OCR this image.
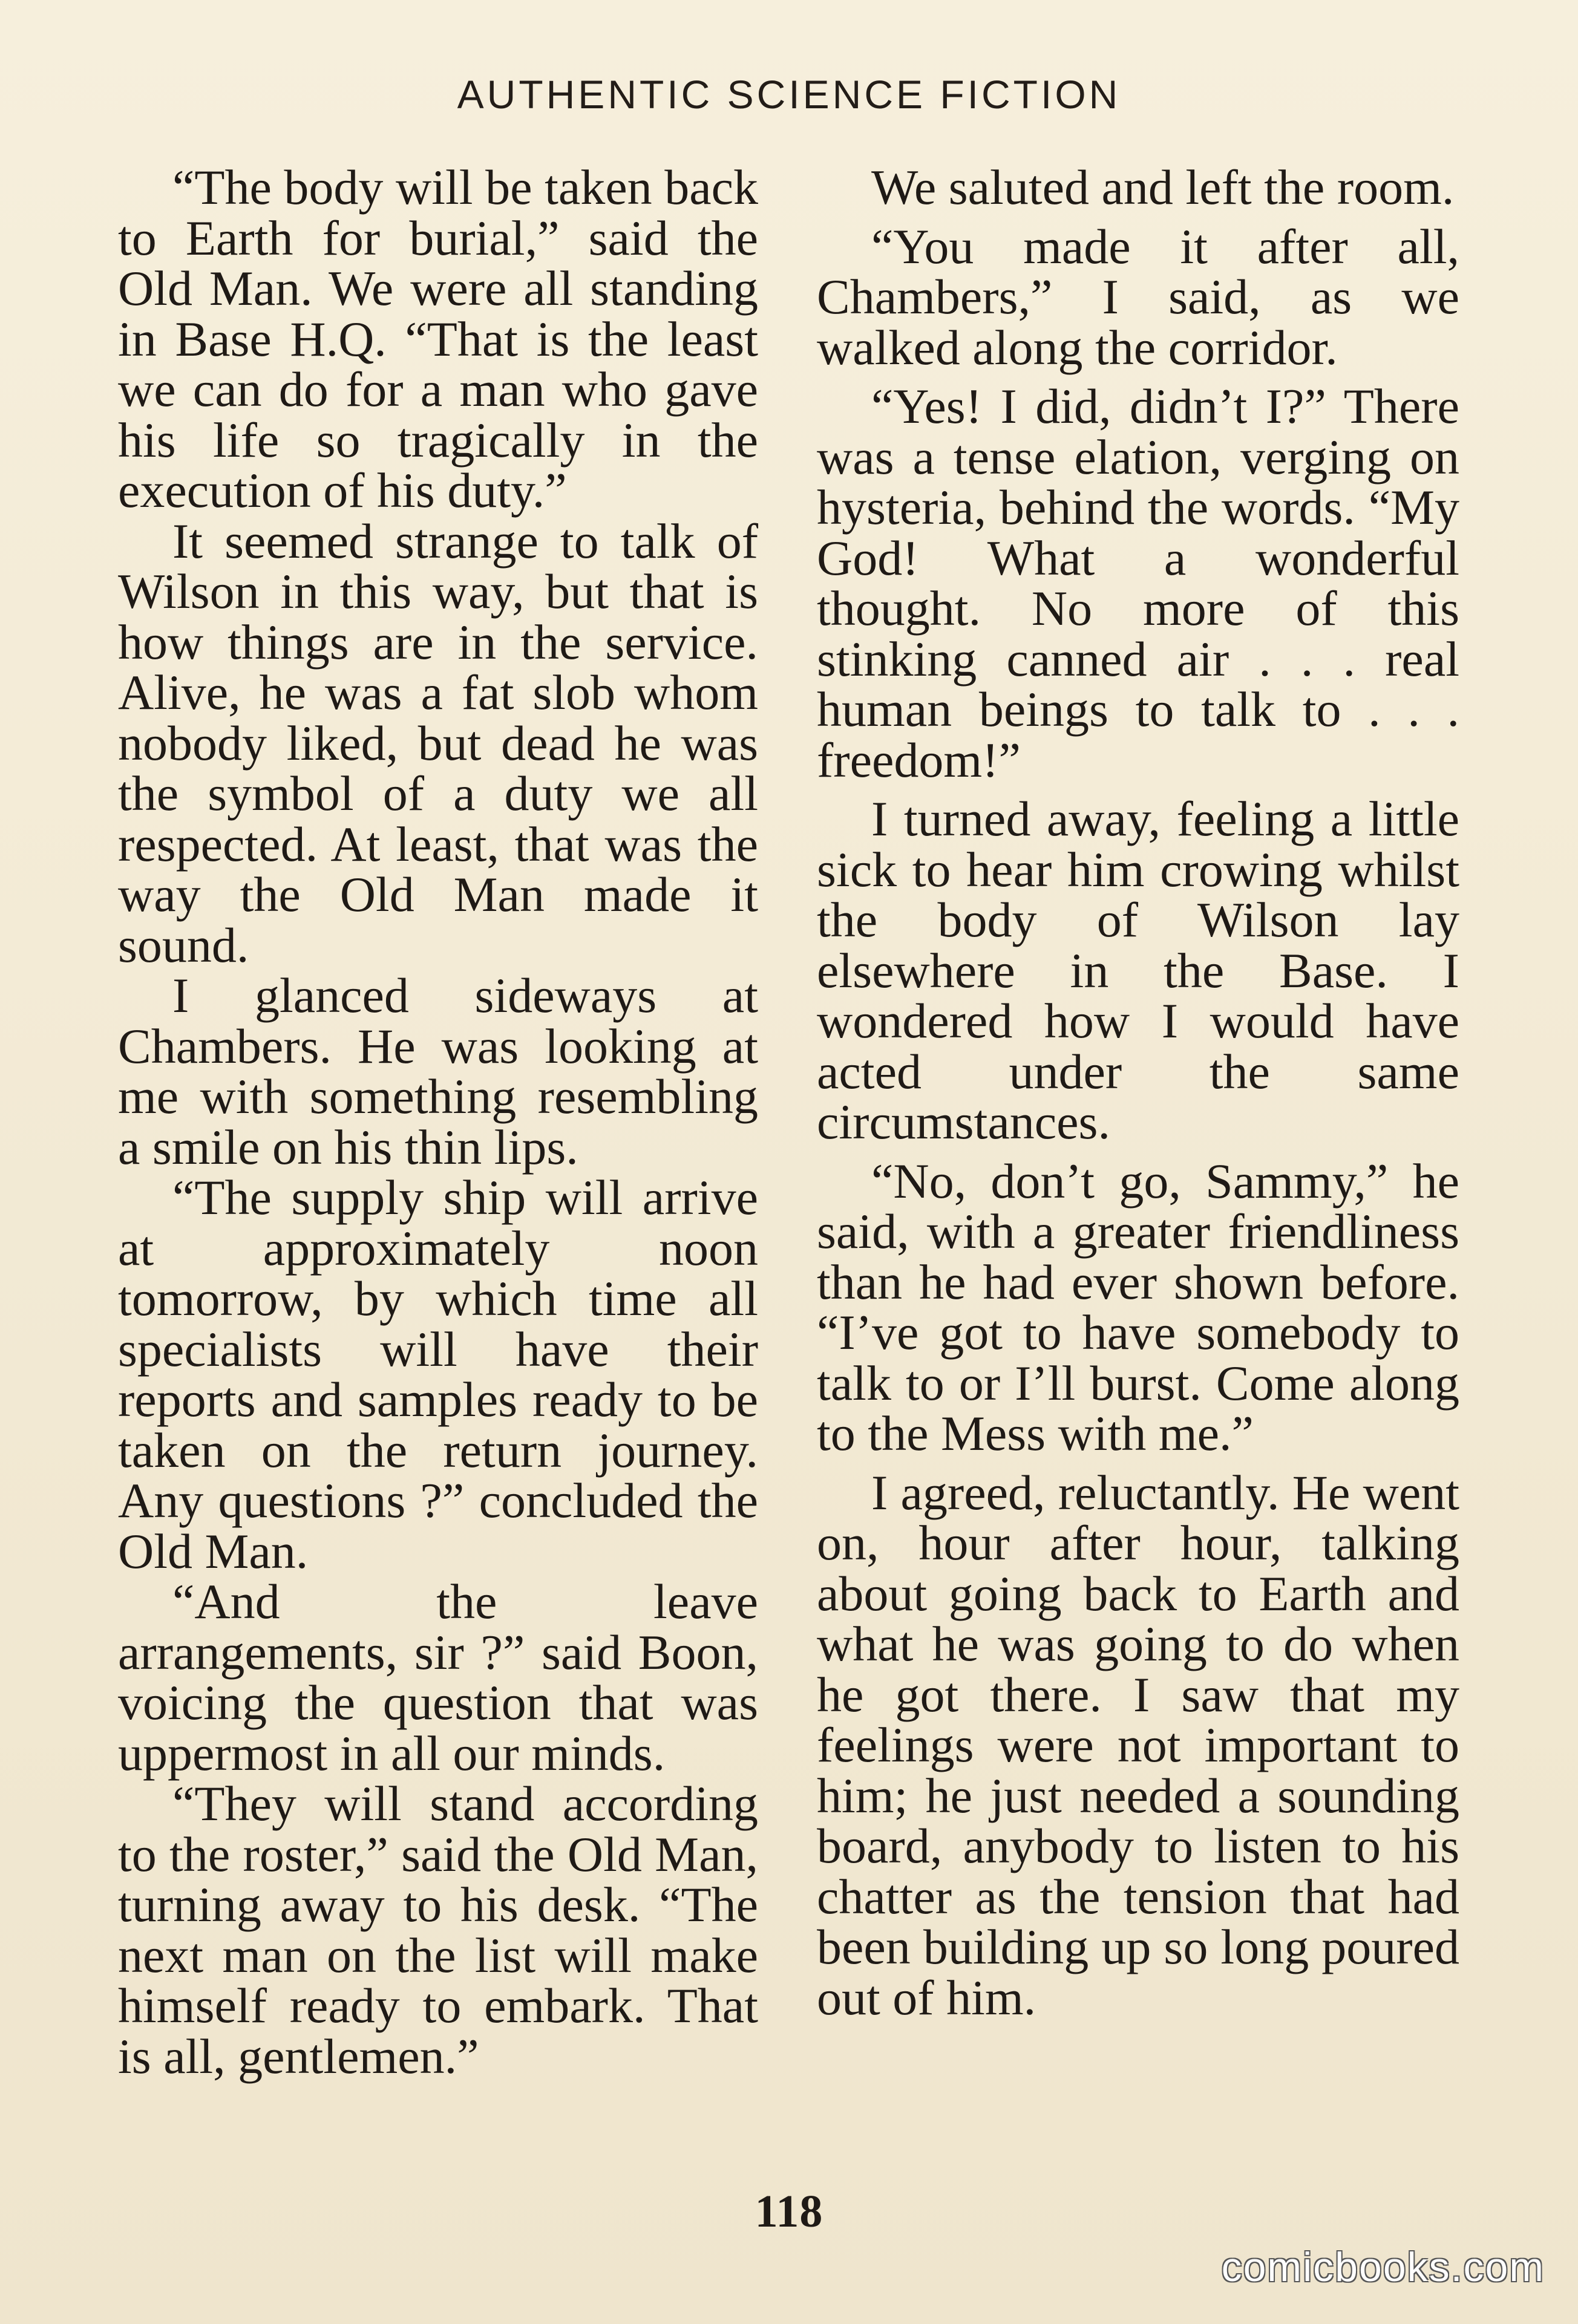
AUTHENTIC SCIENCE FICTION

“The body will be taken back to Earth for burial,” said the Old Man. We were all standing in Base H.Q. “That is the least we can do for a man who gave his life so tragically in the execution of his duty.”

It seemed strange to talk of Wilson in this way, but that is how things are in the service. Alive, he was a fat slob whom nobody liked, but dead he was the symbol of a duty we all respected. At least, that was the way the Old Man made it sound.

I glanced sideways at Chambers. He was looking at me with something resembling a smile on his thin lips.

“The supply ship will arrive at approximately noon tomorrow, by which time all specialists will have their reports and samples ready to be taken on the return journey. Any questions ?” concluded the Old Man.

“And the leave arrangements, sir ?” said Boon, voicing the question that was uppermost in all our minds.

“They will stand according to the roster,” said the Old Man, turning away to his desk. “The next man on the list will make himself ready to embark. That is all, gentlemen.”

We saluted and left the room.

“You made it after all, Chambers,” I said, as we walked along the corridor.

“Yes! I did, didn’t I?” There was a tense elation, verging on hysteria, behind the words. “My God! What a wonderful thought. No more of this stinking canned air . . . real human beings to talk to . . . freedom!”

I turned away, feeling a little sick to hear him crowing whilst the body of Wilson lay elsewhere in the Base. I wondered how I would have acted under the same circumstances.

“No, don’t go, Sammy,” he said, with a greater friendliness than he had ever shown before. “I’ve got to have somebody to talk to or I’ll burst. Come along to the Mess with me.”

I agreed, reluctantly. He went on, hour after hour, talking about going back to Earth and what he was going to do when he got there. I saw that my feelings were not important to him; he just needed a sounding board, anybody to listen to his chatter as the tension that had been building up so long poured out of him.

118
comicbooks.com
